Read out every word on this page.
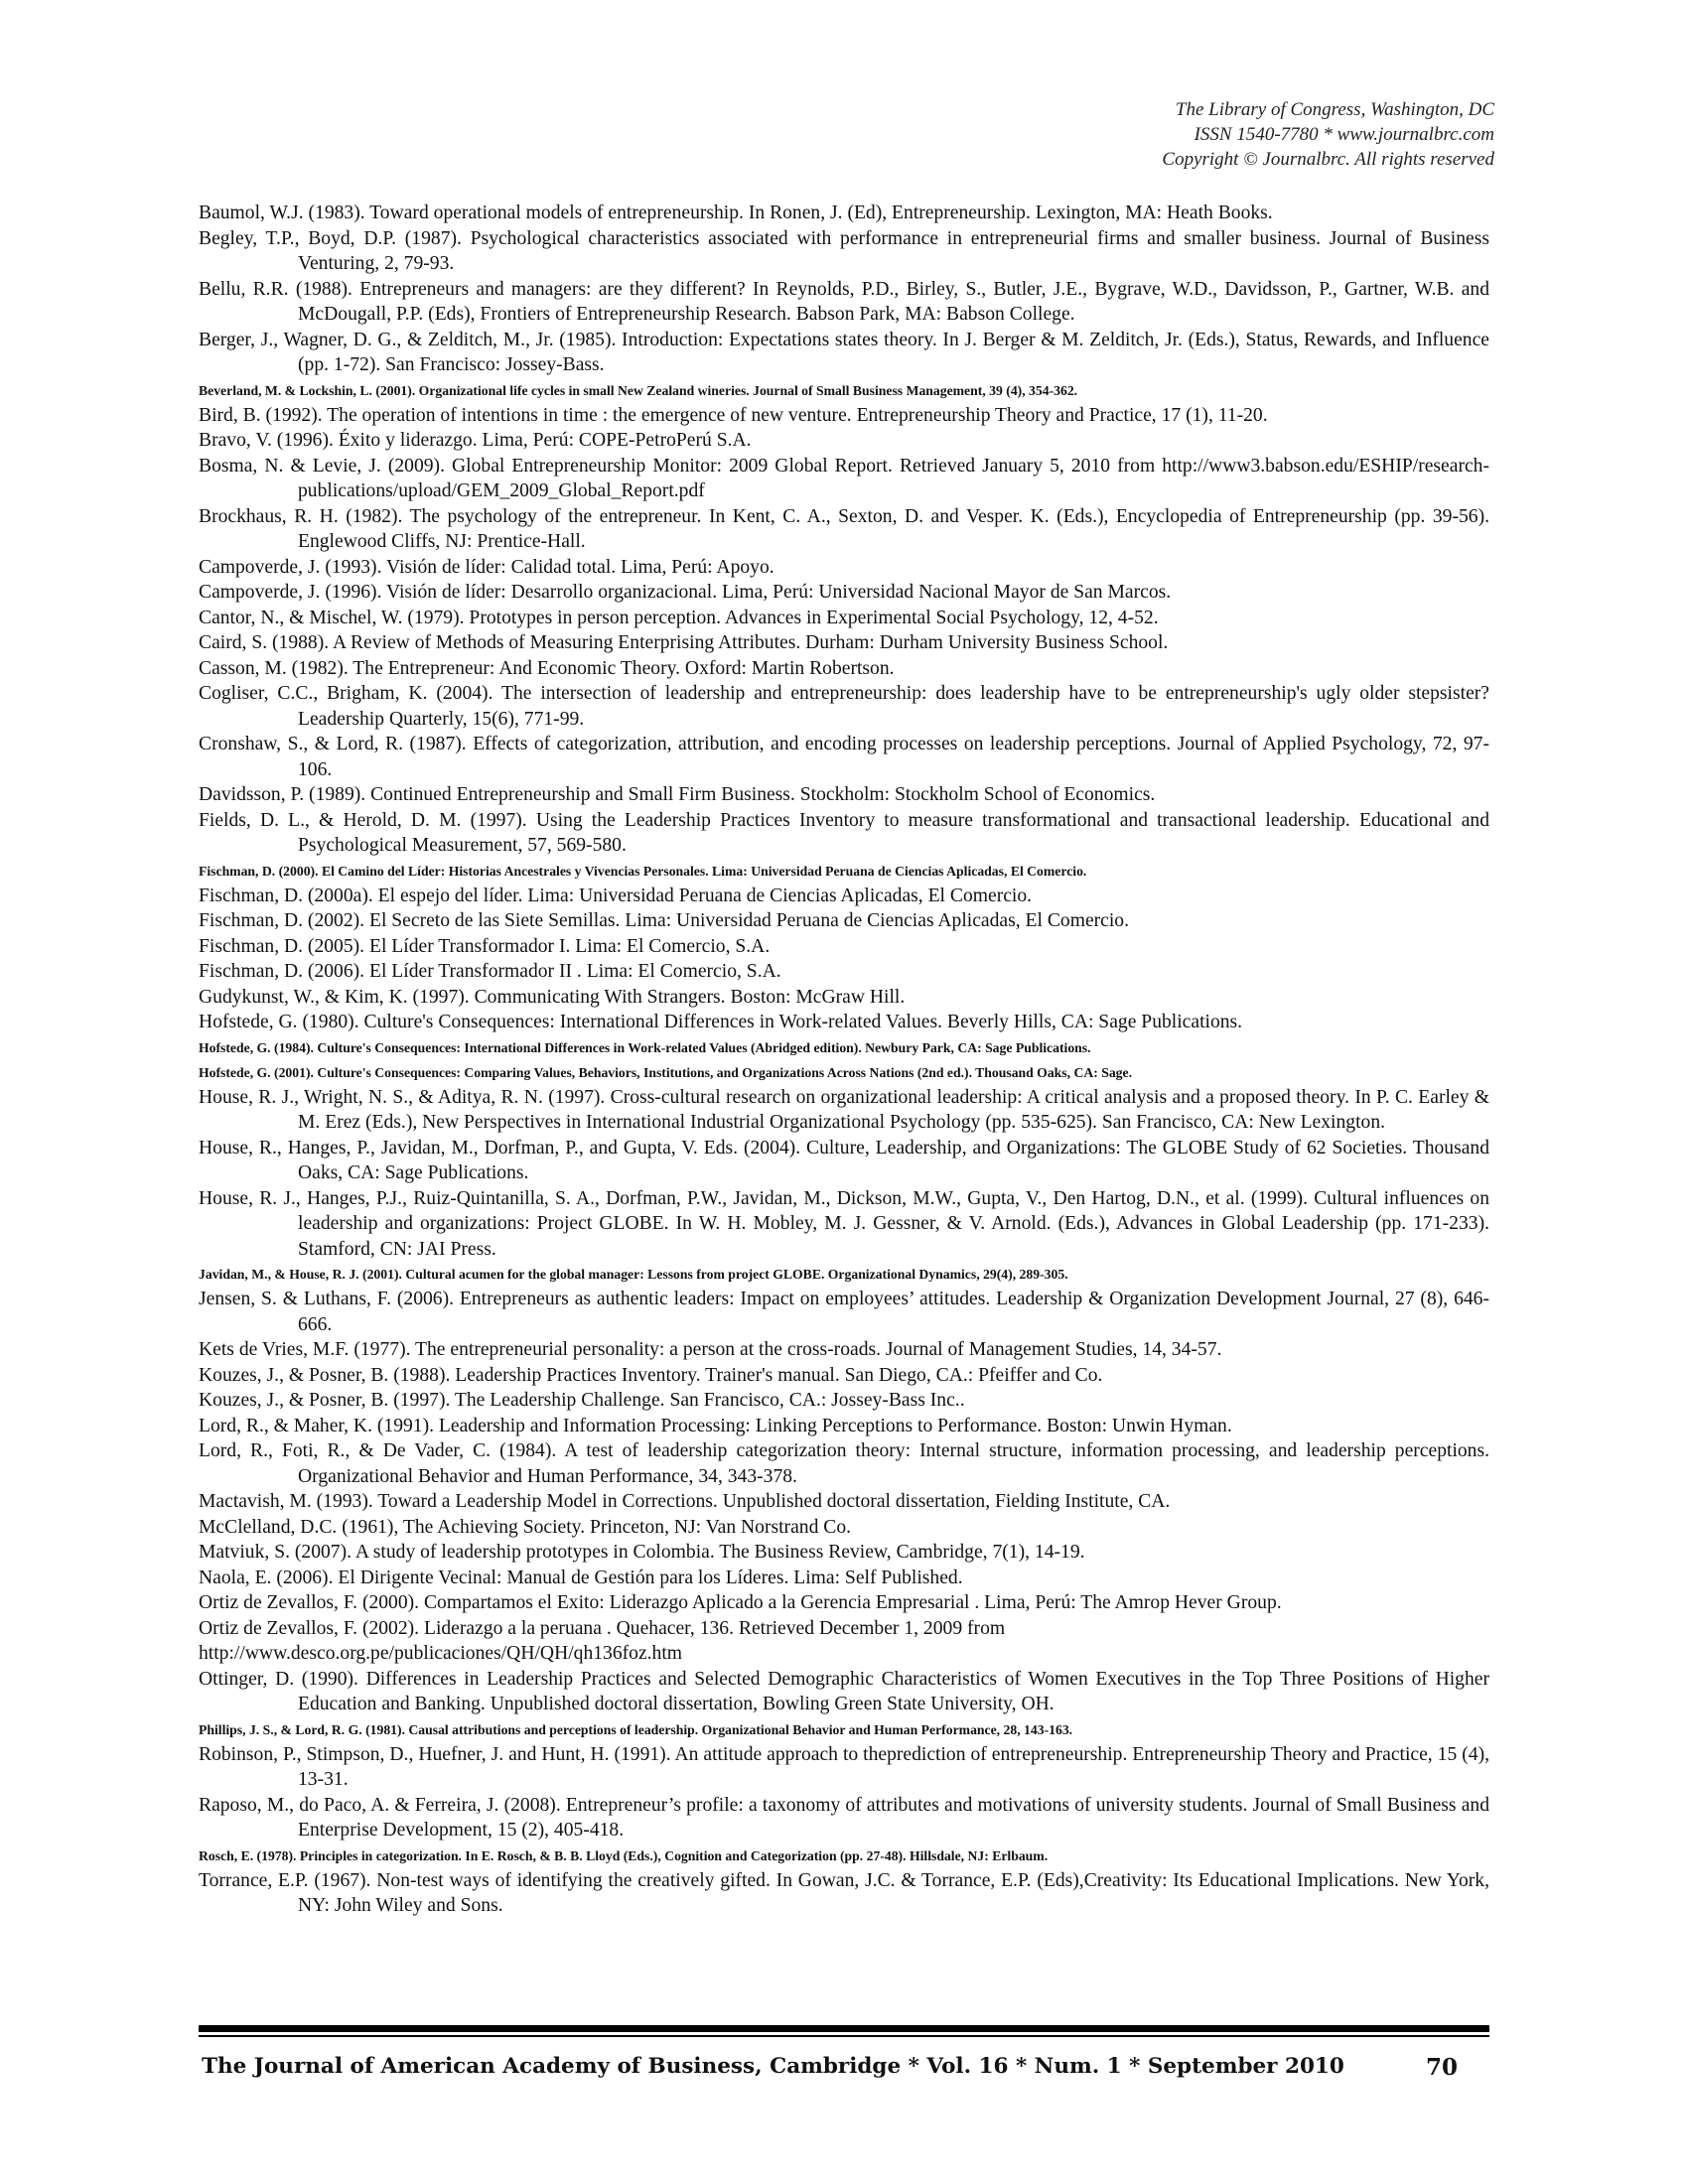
The Library of Congress, Washington, DC
ISSN 1540-7780 * www.journalbrc.com
Copyright © Journalbrc. All rights reserved

Baumol, W.J. (1983). Toward operational models of entrepreneurship. In Ronen, J. (Ed), Entrepreneurship. Lexington, MA: Heath Books.

Begley, T.P., Boyd, D.P. (1987). Psychological characteristics associated with performance in entrepreneurial firms and smaller business. Journal of Business Venturing, 2, 79-93.

Bellu, R.R. (1988). Entrepreneurs and managers: are they different? In Reynolds, P.D., Birley, S., Butler, J.E., Bygrave, W.D., Davidsson, P., Gartner, W.B. and McDougall, P.P. (Eds), Frontiers of Entrepreneurship Research. Babson Park, MA: Babson College.

Berger, J., Wagner, D. G., & Zelditch, M., Jr. (1985). Introduction: Expectations states theory. In J. Berger & M. Zelditch, Jr. (Eds.), Status, Rewards, and Influence (pp. 1-72). San Francisco: Jossey-Bass.

Beverland, M. & Lockshin, L. (2001). Organizational life cycles in small New Zealand wineries. Journal of Small Business Management, 39 (4), 354-362.

Bird, B. (1992). The operation of intentions in time : the emergence of new venture. Entrepreneurship Theory and Practice, 17 (1), 11-20.

Bravo, V. (1996). Éxito y liderazgo. Lima, Perú: COPE-PetroPerú S.A.

Bosma, N. & Levie, J. (2009). Global Entrepreneurship Monitor: 2009 Global Report. Retrieved January 5, 2010 from http://www3.babson.edu/ESHIP/research-publications/upload/GEM_2009_Global_Report.pdf

Brockhaus, R. H. (1982). The psychology of the entrepreneur. In Kent, C. A., Sexton, D. and Vesper. K. (Eds.), Encyclopedia of Entrepreneurship (pp. 39-56). Englewood Cliffs, NJ: Prentice-Hall.

Campoverde, J. (1993). Visión de líder: Calidad total. Lima, Perú: Apoyo.

Campoverde, J. (1996). Visión de líder: Desarrollo organizacional. Lima, Perú: Universidad Nacional Mayor de San Marcos.

Cantor, N., & Mischel, W. (1979). Prototypes in person perception. Advances in Experimental Social Psychology, 12, 4-52.

Caird, S. (1988). A Review of Methods of Measuring Enterprising Attributes. Durham: Durham University Business School.

Casson, M. (1982). The Entrepreneur: And Economic Theory. Oxford: Martin Robertson.

Cogliser, C.C., Brigham, K. (2004). The intersection of leadership and entrepreneurship: does leadership have to be entrepreneurship's ugly older stepsister? Leadership Quarterly, 15(6), 771-99.

Cronshaw, S., & Lord, R. (1987). Effects of categorization, attribution, and encoding processes on leadership perceptions. Journal of Applied Psychology, 72, 97-106.

Davidsson, P. (1989). Continued Entrepreneurship and Small Firm Business. Stockholm: Stockholm School of Economics.

Fields, D. L., & Herold, D. M. (1997). Using the Leadership Practices Inventory to measure transformational and transactional leadership. Educational and Psychological Measurement, 57, 569-580.

Fischman, D. (2000). El Camino del Líder: Historias Ancestrales y Vivencias Personales. Lima: Universidad Peruana de Ciencias Aplicadas, El Comercio.

Fischman, D. (2000a). El espejo del líder. Lima: Universidad Peruana de Ciencias Aplicadas, El Comercio.

Fischman, D. (2002). El Secreto de las Siete Semillas. Lima: Universidad Peruana de Ciencias Aplicadas, El Comercio.

Fischman, D. (2005). El Líder Transformador I. Lima: El Comercio, S.A.

Fischman, D. (2006). El Líder Transformador II . Lima: El Comercio, S.A.

Gudykunst, W., & Kim, K. (1997). Communicating With Strangers. Boston: McGraw Hill.

Hofstede, G. (1980). Culture's Consequences: International Differences in Work-related Values. Beverly Hills, CA: Sage Publications.

Hofstede, G. (1984). Culture's Consequences: International Differences in Work-related Values (Abridged edition). Newbury Park, CA: Sage Publications.

Hofstede, G. (2001). Culture's Consequences: Comparing Values, Behaviors, Institutions, and Organizations Across Nations (2nd ed.). Thousand Oaks, CA: Sage.

House, R. J., Wright, N. S., & Aditya, R. N. (1997). Cross-cultural research on organizational leadership: A critical analysis and a proposed theory. In P. C. Earley & M. Erez (Eds.), New Perspectives in International Industrial Organizational Psychology (pp. 535-625). San Francisco, CA: New Lexington.

House, R., Hanges, P., Javidan, M., Dorfman, P., and Gupta, V. Eds. (2004). Culture, Leadership, and Organizations: The GLOBE Study of 62 Societies. Thousand Oaks, CA: Sage Publications.

House, R. J., Hanges, P.J., Ruiz-Quintanilla, S. A., Dorfman, P.W., Javidan, M., Dickson, M.W., Gupta, V., Den Hartog, D.N., et al. (1999). Cultural influences on leadership and organizations: Project GLOBE. In W. H. Mobley, M. J. Gessner, & V. Arnold. (Eds.), Advances in Global Leadership (pp. 171-233). Stamford, CN: JAI Press.

Javidan, M., & House, R. J. (2001). Cultural acumen for the global manager: Lessons from project GLOBE. Organizational Dynamics, 29(4), 289-305.

Jensen, S. & Luthans, F. (2006). Entrepreneurs as authentic leaders: Impact on employees’ attitudes. Leadership & Organization Development Journal, 27 (8), 646-666.

Kets de Vries, M.F. (1977). The entrepreneurial personality: a person at the cross-roads. Journal of Management Studies, 14, 34-57.

Kouzes, J., & Posner, B. (1988). Leadership Practices Inventory. Trainer's manual. San Diego, CA.: Pfeiffer and Co.

Kouzes, J., & Posner, B. (1997). The Leadership Challenge. San Francisco, CA.: Jossey-Bass Inc..

Lord, R., & Maher, K. (1991). Leadership and Information Processing: Linking Perceptions to Performance. Boston: Unwin Hyman.

Lord, R., Foti, R., & De Vader, C. (1984). A test of leadership categorization theory: Internal structure, information processing, and leadership perceptions. Organizational Behavior and Human Performance, 34, 343-378.

Mactavish, M. (1993). Toward a Leadership Model in Corrections. Unpublished doctoral dissertation, Fielding Institute, CA.

McClelland, D.C. (1961), The Achieving Society. Princeton, NJ: Van Norstrand Co.

Matviuk, S. (2007). A study of leadership prototypes in Colombia. The Business Review, Cambridge, 7(1), 14-19.

Naola, E. (2006). El Dirigente Vecinal: Manual de Gestión para los Líderes. Lima: Self Published.

Ortiz de Zevallos, F. (2000). Compartamos el Exito: Liderazgo Aplicado a la Gerencia Empresarial . Lima, Perú: The Amrop Hever Group.

Ortiz de Zevallos, F. (2002). Liderazgo a la peruana . Quehacer, 136. Retrieved December 1, 2009 from

http://www.desco.org.pe/publicaciones/QH/QH/qh136foz.htm

Ottinger, D. (1990). Differences in Leadership Practices and Selected Demographic Characteristics of Women Executives in the Top Three Positions of Higher Education and Banking. Unpublished doctoral dissertation, Bowling Green State University, OH.

Phillips, J. S., & Lord, R. G. (1981). Causal attributions and perceptions of leadership. Organizational Behavior and Human Performance, 28, 143-163.

Robinson, P., Stimpson, D., Huefner, J. and Hunt, H. (1991). An attitude approach to theprediction of entrepreneurship. Entrepreneurship Theory and Practice, 15 (4), 13-31.

Raposo, M., do Paco, A. & Ferreira, J. (2008). Entrepreneur’s profile: a taxonomy of attributes and motivations of university students. Journal of Small Business and Enterprise Development, 15 (2), 405-418.

Rosch, E. (1978). Principles in categorization. In E. Rosch, & B. B. Lloyd (Eds.), Cognition and Categorization (pp. 27-48). Hillsdale, NJ: Erlbaum.

Torrance, E.P. (1967). Non-test ways of identifying the creatively gifted. In Gowan, J.C. & Torrance, E.P. (Eds),Creativity: Its Educational Implications. New York, NY: John Wiley and Sons.

The Journal of American Academy of Business, Cambridge * Vol. 16 * Num. 1 * September 2010	70
